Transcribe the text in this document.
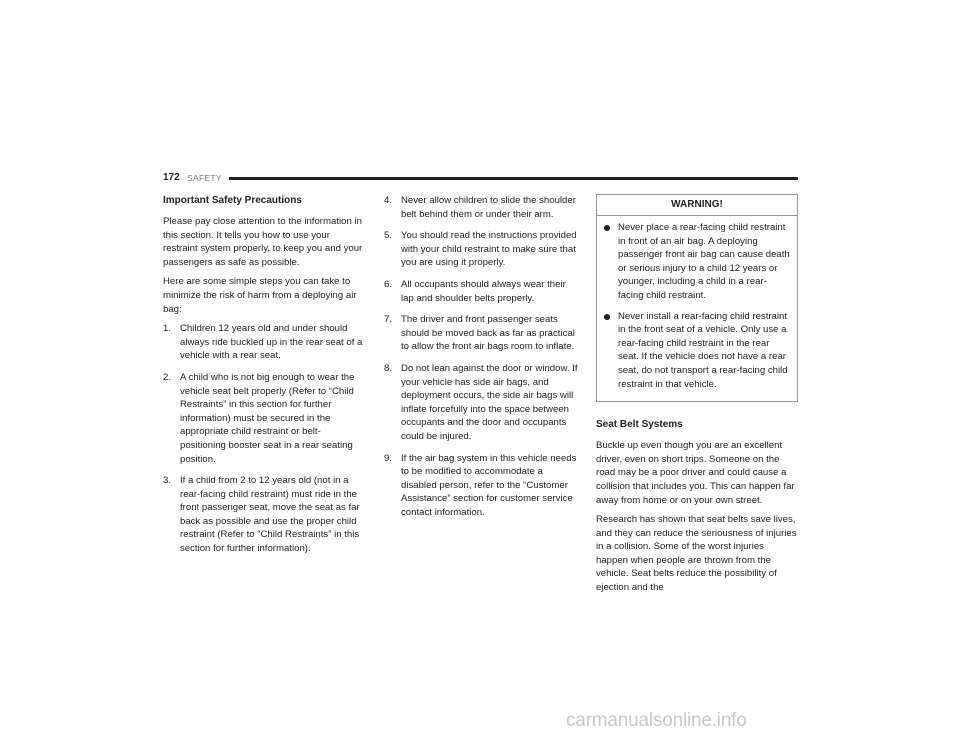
172 SAFETY
Important Safety Precautions

Please pay close attention to the information in this section. It tells you how to use your restraint system properly, to keep you and your passengers as safe as possible.

Here are some simple steps you can take to minimize the risk of harm from a deploying air bag:

1. Children 12 years old and under should always ride buckled up in the rear seat of a vehicle with a rear seat.
2. A child who is not big enough to wear the vehicle seat belt properly (Refer to “Child Restraints” in this section for further information) must be secured in the appropriate child restraint or belt-positioning booster seat in a rear seating position.
3. If a child from 2 to 12 years old (not in a rear-facing child restraint) must ride in the front passenger seat, move the seat as far back as possible and use the proper child restraint (Refer to “Child Restraints” in this section for further information).
4. Never allow children to slide the shoulder belt behind them or under their arm.
5. You should read the instructions provided with your child restraint to make sure that you are using it properly.
6. All occupants should always wear their lap and shoulder belts properly.
7. The driver and front passenger seats should be moved back as far as practical to allow the front air bags room to inflate.
8. Do not lean against the door or window. If your vehicle has side air bags, and deployment occurs, the side air bags will inflate forcefully into the space between occupants and the door and occupants could be injured.
9. If the air bag system in this vehicle needs to be modified to accommodate a disabled person, refer to the “Customer Assistance” section for customer service contact information.
WARNING!
Never place a rear-facing child restraint in front of an air bag. A deploying passenger front air bag can cause death or serious injury to a child 12 years or younger, including a child in a rear-facing child restraint.
Never install a rear-facing child restraint in the front seat of a vehicle. Only use a rear-facing child restraint in the rear seat. If the vehicle does not have a rear seat, do not transport a rear-facing child restraint in that vehicle.
Seat Belt Systems

Buckle up even though you are an excellent driver, even on short trips. Someone on the road may be a poor driver and could cause a collision that includes you. This can happen far away from home or on your own street.

Research has shown that seat belts save lives, and they can reduce the seriousness of injuries in a collision. Some of the worst injuries happen when people are thrown from the vehicle. Seat belts reduce the possibility of ejection and the

carmanualsonline.info
